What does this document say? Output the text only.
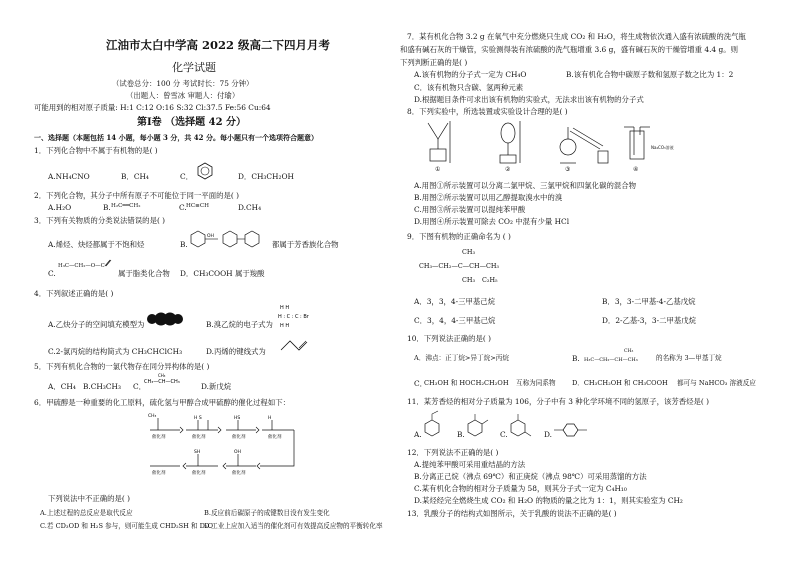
江油市太白中学高 2022 级高二下四月月考
化学试题
（试卷总分：100 分 考试时长：75 分钟）
（出题人：曾雪冰 审题人：付瑜）
可能用到的相对原子质量: H:1 C:12 O:16 S:32 Cl:37.5 Fe:56 Cu:64
第Ⅰ卷 （选择题 42 分）
一、选择题（本题包括 14 小题，每小题 3 分，共 42 分。每小题只有一个选项符合题意）
1．下列化合物中不属于有机物的是( )
A.NH₄CNO	B．CH₄	C．	D．CH₃CH₂OH
2．下列化合物，其分子中所有原子不可能位于同一平面的是( )
A.H₂O	B. H₂C══CH₂	C. HC≡CH	D.CH₄
3．下列有关物质的分类说法错误的是( )
A.烯烃、炔烃都属于不饱和烃	B.
OH
都属于芳香族化合物
C.
H₃C—CH₂—O—C
属于脂类化合物 D．CH₃COOH 属于羧酸
4．下列叙述正确的是( )
A.乙炔分子的空间填充模型为	B.溴乙烷的电子式为
H H
H : C : C : Br
H H
C.2-氯丙烷的结构简式为 CH₃CHClCH₃	D.丙烯的键线式为
5．下列有机化合物的一氯代物存在同分异构体的是( )
A．CH₄ B.CH₃CH₃ C．
CH₃—CH—CH₃
CH₃
D.新戊烷
6．甲硫醇是一种重要的化工原料，硫化氢与甲醇合成甲硫醇的催化过程如下：
CH₃	H S	HS	H
SH	OH
催化剂	催化剂	催化剂	催化剂
催化剂	催化剂	催化剂
下列说法中不正确的是( )
A.上述过程的总反应是取代反应	B.反应前后碳原子的成键数目没有发生变化
C.若 CD₃OD 和 H₂S 参与，则可能生成 CHD₂SH 和 D₂O
D.工业上应加入适当的催化剂可有效提高反应物的平衡转化率
7．某有机化合物 3.2 g 在氧气中充分燃烧只生成 CO₂ 和 H₂O，将生成物依次通入盛有浓硫酸的洗气瓶
和盛有碱石灰的干燥管，实验测得装有浓硫酸的洗气瓶增重 3.6 g，盛有碱石灰的干燥管增重 4.4 g。则
下列判断正确的是( )
A.该有机物的分子式一定为 CH₄O	B.该有机化合物中碳原子数和氢原子数之比为 1：2
C．该有机物只含碳、氢两种元素
D.根据题目条件可求出该有机物的实验式，无法求出该有机物的分子式
8．下列实验中，所选装置或实验设计合理的是( )
①	②	③	④
Na₂CO₃溶液
A.用图①所示装置可以分离二氯甲烷、三氯甲烷和四氯化碳的混合物
B.用图②所示装置可以用乙醇提取溴水中的溴
C.用图③所示装置可以提纯苯甲酸
D.用图④所示装置可除去 CO₂ 中混有少量 HCl
9．下图有机物的正确命名为 ( )
CH₃
CH₃—CH₂—C—CH—CH₃
CH₃ C₂H₅
A．3，3，4-三甲基己烷	B．3，3-二甲基-4-乙基戊烷
C．3，4，4-三甲基己烷	D．2-乙基-3，3-二甲基戊烷
10．下列说法正确的是( )
A．沸点：正丁烷>异丁烷>丙烷	B. H₃C—CH₂—CH—CH₃
CH₃
的名称为 3—甲基丁烷
C．
CH₃OH 和 HOCH₂CH₂OH 互称为同系物 D．CH₃CH₂OH 和 CH₃COOH 都可与 NaHCO₃ 溶液反应
11．某芳香烃的相对分子质量为 106，分子中有 3 种化学环境不同的氢原子，该芳香烃是( )
A.	B.	C.	D.
12．下列说法不正确的是( )
A.提纯苯甲酸可采用重结晶的方法
B.分离正己烷（沸点 69℃）和正庚烷（沸点 98℃）可采用蒸馏的方法
C.某有机化合物的相对分子质量为 58，则其分子式一定为 C₄H₁₀
D.某烃经完全燃烧生成 CO₂ 和 H₂O 的物质的量之比为 1：1，则其实验室为 CH₂
13．乳酸分子的结构式如图所示，关于乳酸的说法不正确的是( )
